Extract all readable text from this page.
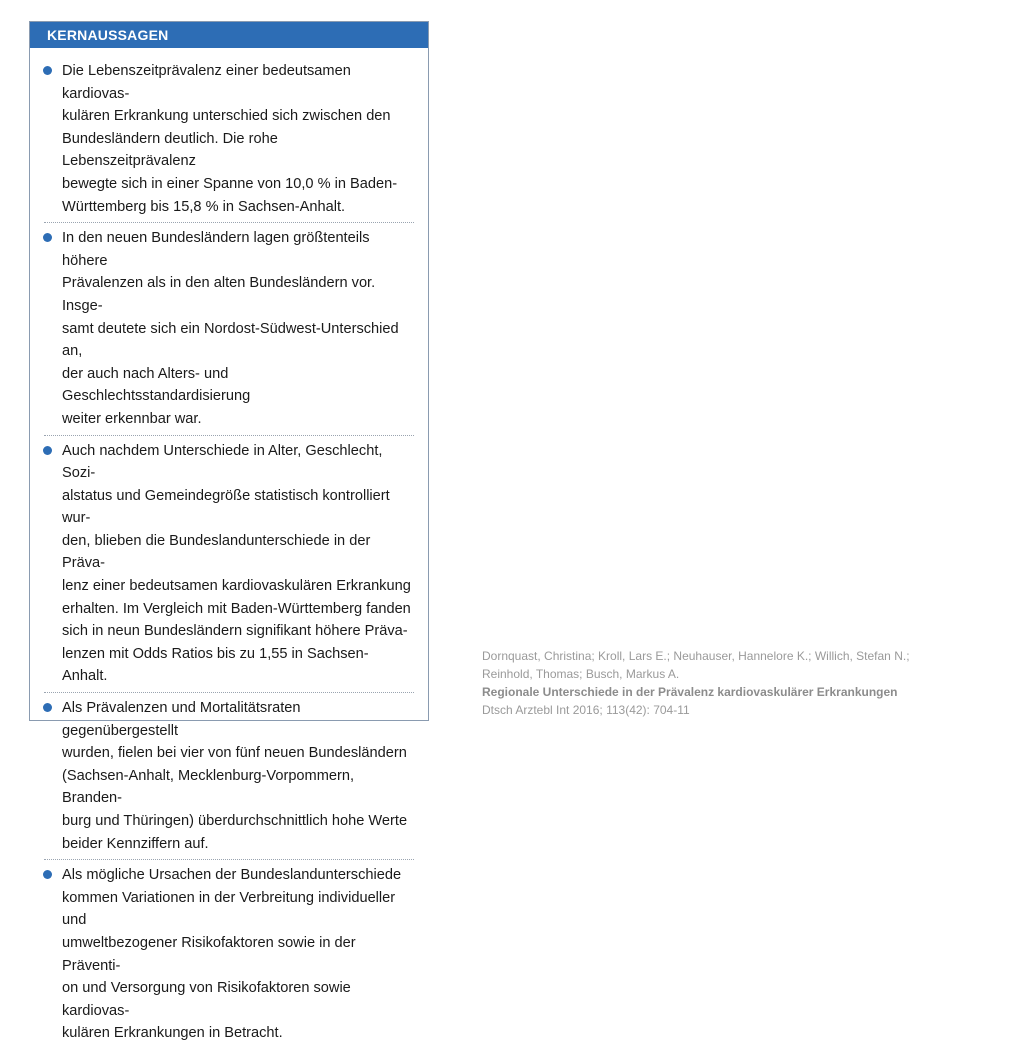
KERNAUSSAGEN
Die Lebenszeitprävalenz einer bedeutsamen kardiovas-
kulären Erkrankung unterschied sich zwischen den
Bundesländern deutlich. Die rohe Lebenszeitprävalenz
bewegte sich in einer Spanne von 10,0 % in Baden-
Württemberg bis 15,8 % in Sachsen-Anhalt.
In den neuen Bundesländern lagen größtenteils höhere
Prävalenzen als in den alten Bundesländern vor. Insge-
samt deutete sich ein Nordost-Südwest-Unterschied an,
der auch nach Alters- und Geschlechtsstandardisierung
weiter erkennbar war.
Auch nachdem Unterschiede in Alter, Geschlecht, Sozi-
alstatus und Gemeindegröße statistisch kontrolliert wur-
den, blieben die Bundeslandunterschiede in der Präva-
lenz einer bedeutsamen kardiovaskulären Erkrankung
erhalten. Im Vergleich mit Baden-Württemberg fanden
sich in neun Bundesländern signifikant höhere Präva-
lenzen mit Odds Ratios bis zu 1,55 in Sachsen-Anhalt.
Als Prävalenzen und Mortalitätsraten gegenübergestellt
wurden, fielen bei vier von fünf neuen Bundesländern
(Sachsen-Anhalt, Mecklenburg-Vorpommern, Branden-
burg und Thüringen) überdurchschnittlich hohe Werte
beider Kennziffern auf.
Als mögliche Ursachen der Bundeslandunterschiede
kommen Variationen in der Verbreitung individueller und
umweltbezogener Risikofaktoren sowie in der Präventi-
on und Versorgung von Risikofaktoren sowie kardiovas-
kulären Erkrankungen in Betracht.
Dornquast, Christina; Kroll, Lars E.; Neuhauser, Hannelore K.; Willich, Stefan N.;
Reinhold, Thomas; Busch, Markus A.
Regionale Unterschiede in der Prävalenz kardiovaskulärer Erkrankungen
Dtsch Arztebl Int 2016; 113(42): 704-11
